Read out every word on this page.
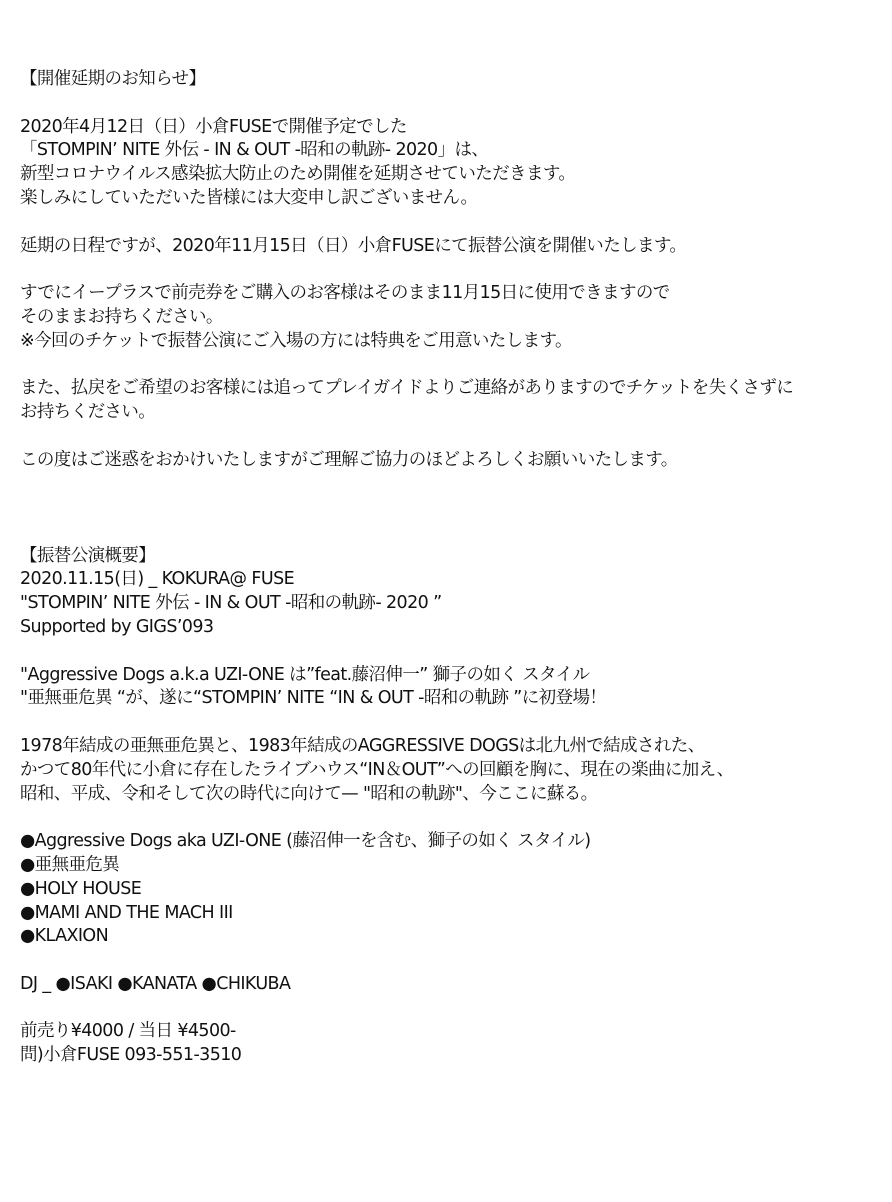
【開催延期のお知らせ】
2020年4月12日（日）小倉FUSEで開催予定でした
「STOMPIN’ NITE 外伝 - IN & OUT -昭和の軌跡- 2020」は、
新型コロナウイルス感染拡大防止のため開催を延期させていただきます。
楽しみにしていただいた皆様には大変申し訳ございません。
延期の日程ですが、2020年11月15日（日）小倉FUSEにて振替公演を開催いたします。
すでにイープラスで前売券をご購入のお客様はそのまま11月15日に使用できますので
そのままお持ちください。
※今回のチケットで振替公演にご入場の方には特典をご用意いたします。
また、払戻をご希望のお客様には追ってプレイガイドよりご連絡がありますのでチケットを失くさずに
お持ちください。
この度はご迷惑をおかけいたしますがご理解ご協力のほどよろしくお願いいたします。
【振替公演概要】
2020.11.15(日) _ KOKURA@ FUSE
"STOMPIN’ NITE 外伝 - IN & OUT -昭和の軌跡- 2020 ”
Supported by GIGS’093
"Aggressive Dogs a.k.a UZI-ONE は”feat.藤沼伸一” 獅子の如く スタイル
"亜無亜危異 “が、遂に“STOMPIN’ NITE “IN & OUT -昭和の軌跡 ”に初登場！
1978年結成の亜無亜危異と、1983年結成のAGGRESSIVE DOGSは北九州で結成された、
かつて80年代に小倉に存在したライブハウス“IN＆OUT”への回顧を胸に、現在の楽曲に加え、
昭和、平成、令和そして次の時代に向けて— "昭和の軌跡"、今ここに蘇る。
●Aggressive Dogs aka UZI-ONE (藤沼伸一を含む、獅子の如く スタイル)
●亜無亜危異
●HOLY HOUSE
●MAMI AND THE MACH III
●KLAXION
DJ _ ●ISAKI ●KANATA ●CHIKUBA
前売り¥4000 / 当日 ¥4500-
問)小倉FUSE 093-551-3510
